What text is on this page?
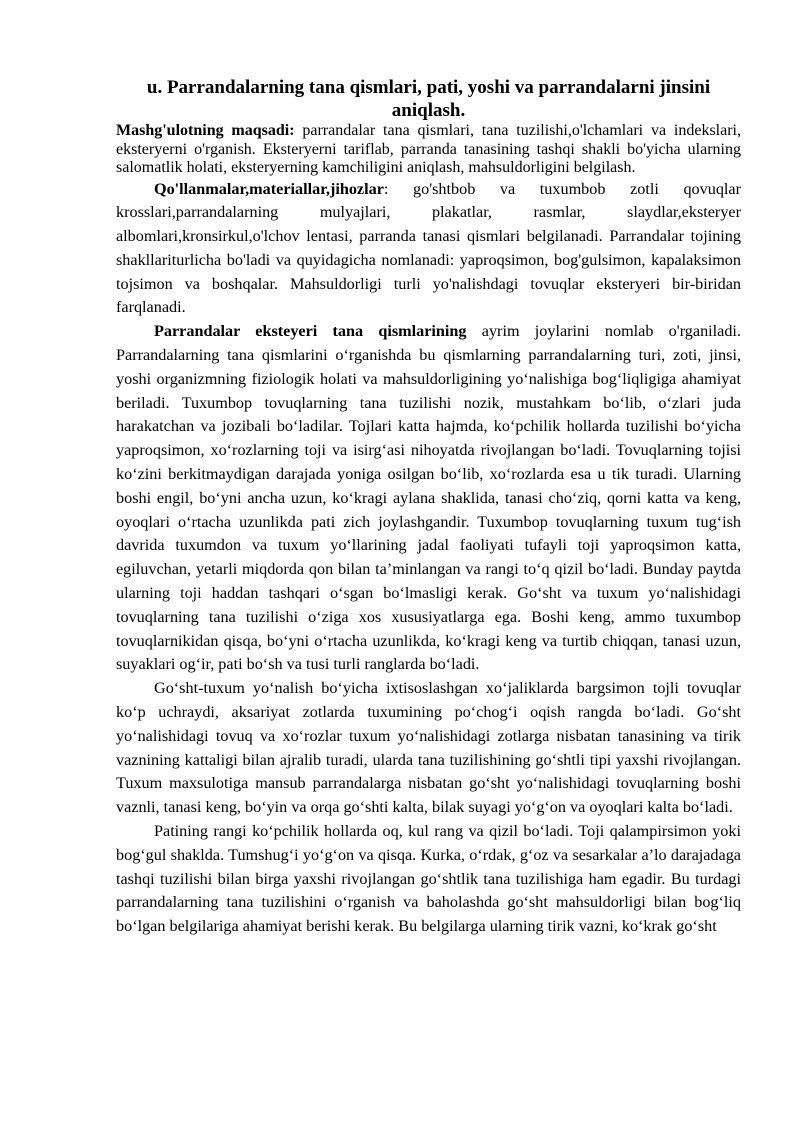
u. Parrandalarning tana qismlari, pati, yoshi va parrandalarni jinsini aniqlash.

Mashg'ulotning maqsadi: parrandalar tana qismlari, tana tuzilishi,o'lchamlari va indekslari, eksteryerni o'rganish. Eksteryerni tariflab, parranda tanasining tashqi shakli bo'yicha ularning salomatlik holati, eksteryerning kamchiligini aniqlash, mahsuldorligini belgilash.

Qo'llanmalar,materiallar,jihozlar: go'shtbob va tuxumbob zotli qovuqlar krosslari,parrandalarning mulyajlari, plakatlar, rasmlar, slaydlar,eksteryer albomlari,kronsirkul,o'lchov lentasi, parranda tanasi qismlari belgilanadi. Parrandalar tojining shakllariturlicha bo'ladi va quyidagicha nomlanadi: yaproqsimon, bog'gulsimon, kapalaksimon tojsimon va boshqalar. Mahsuldorligi turli yo'nalishdagi tovuqlar eksteryeri bir-biridan farqlanadi.

Parrandalar eksteyeri tana qismlarining ayrim joylarini nomlab o'rganiladi. Parrandalarning tana qismlarini o‘rganishda bu qismlarning parrandalarning turi, zoti, jinsi, yoshi organizmning fiziologik holati va mahsuldorligining yo‘nalishiga bog‘liqligiga ahamiyat beriladi. Tuxumbop tovuqlarning tana tuzilishi nozik, mustahkam bo‘lib, o‘zlari juda harakatchan va jozibali bo‘ladilar. Tojlari katta hajmda, ko‘pchilik hollarda tuzilishi bo‘yicha yaproqsimon, xo‘rozlarning toji va isirg‘asi nihoyatda rivojlangan bo‘ladi. Tovuqlarning tojisi ko‘zini berkitmaydigan darajada yoniga osilgan bo‘lib, xo‘rozlarda esa u tik turadi. Ularning boshi engil, bo‘yni ancha uzun, ko‘kragi aylana shaklida, tanasi cho‘ziq, qorni katta va keng, oyoqlari o‘rtacha uzunlikda pati zich joylashgandir. Tuxumbop tovuqlarning tuxum tug‘ish davrida tuxumdon va tuxum yo‘llarining jadal faoliyati tufayli toji yaproqsimon katta, egiluvchan, yetarli miqdorda qon bilan ta’minlangan va rangi to‘q qizil bo‘ladi. Bunday paytda ularning toji haddan tashqari o‘sgan bo‘lmasligi kerak. Go‘sht va tuxum yo‘nalishidagi tovuqlarning tana tuzilishi o‘ziga xos xususiyatlarga ega. Boshi keng, ammo tuxumbop tovuqlarnikidan qisqa, bo‘yni o‘rtacha uzunlikda, ko‘kragi keng va turtib chiqqan, tanasi uzun, suyaklari og‘ir, pati bo‘sh va tusi turli ranglarda bo‘ladi.

Go‘sht-tuxum yo‘nalish bo‘yicha ixtisoslashgan xo‘jaliklarda bargsimon tojli tovuqlar ko‘p uchraydi, aksariyat zotlarda tuxumining po‘chog‘i oqish rangda bo‘ladi. Go‘sht yo‘nalishidagi tovuq va xo‘rozlar tuxum yo‘nalishidagi zotlarga nisbatan tanasining va tirik vaznining kattaligi bilan ajralib turadi, ularda tana tuzilishining go‘shtli tipi yaxshi rivojlangan. Tuxum maxsulotiga mansub parrandalarga nisbatan go‘sht yo‘nalishidagi tovuqlarning boshi vaznli, tanasi keng, bo‘yin va orqa go‘shti kalta, bilak suyagi yo‘g‘on va oyoqlari kalta bo‘ladi.

Patining rangi ko‘pchilik hollarda oq, kul rang va qizil bo‘ladi. Toji qalampirsimon yoki bog‘gul shaklda. Tumshug‘i yo‘g‘on va qisqa. Kurka, o‘rdak, g‘oz va sesarkalar a’lo darajadaga tashqi tuzilishi bilan birga yaxshi rivojlangan go‘shtlik tana tuzilishiga ham egadir. Bu turdagi parrandalarning tana tuzilishini o‘rganish va baholashda go‘sht mahsuldorligi bilan bog‘liq bo‘lgan belgilariga ahamiyat berishi kerak. Bu belgilarga ularning tirik vazni, ko‘krak go‘sht
